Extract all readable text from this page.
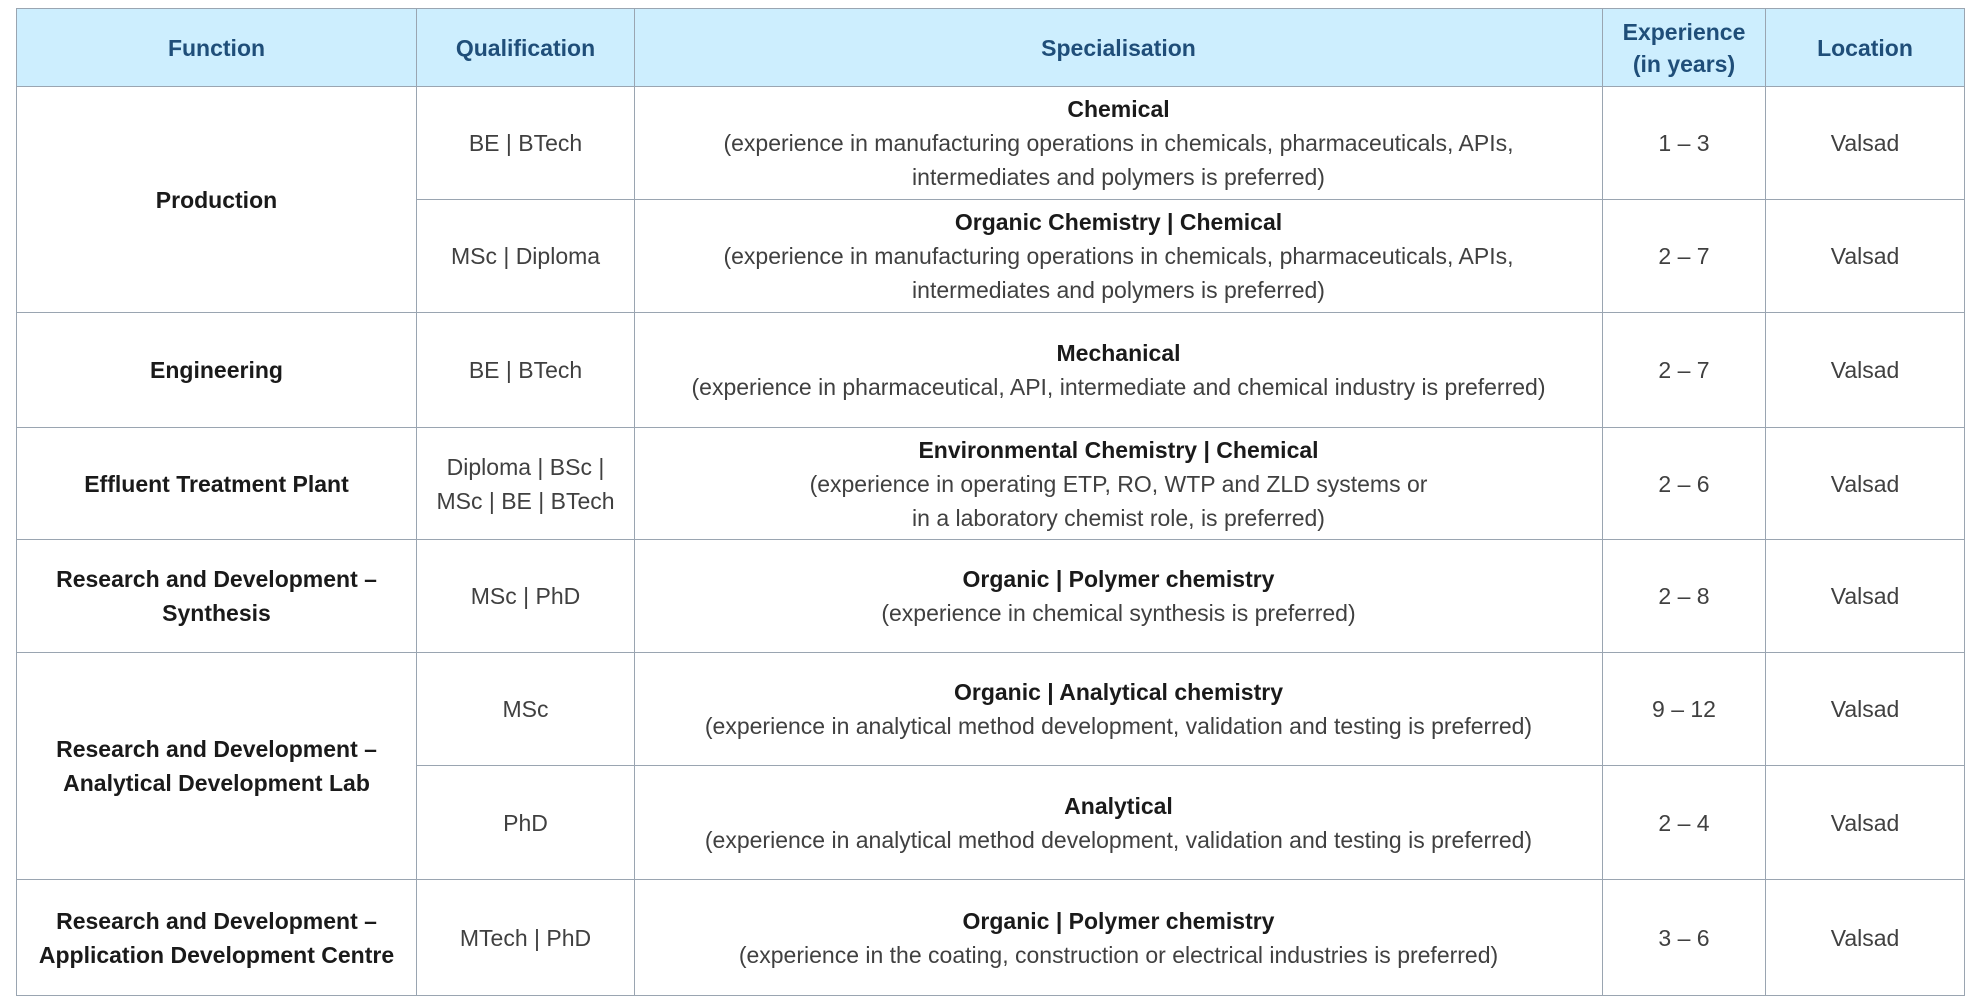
Function	Qualification	Specialisation	Experience
(in years)	Location
Production	BE | BTech	Chemical
(experience in manufacturing operations in chemicals, pharmaceuticals, APIs,
intermediates and polymers is preferred)	1 – 3	Valsad
	MSc | Diploma	Organic Chemistry | Chemical
(experience in manufacturing operations in chemicals, pharmaceuticals, APIs,
intermediates and polymers is preferred)	2 – 7	Valsad
Engineering	BE | BTech	Mechanical
(experience in pharmaceutical, API, intermediate and chemical industry is preferred)	2 – 7	Valsad
Effluent Treatment Plant	Diploma | BSc |
MSc | BE | BTech	Environmental Chemistry | Chemical
(experience in operating ETP, RO, WTP and ZLD systems or
in a laboratory chemist role, is preferred)	2 – 6	Valsad

Research and Development –
Synthesis	MSc | PhD	Organic | Polymer chemistry
(experience in chemical synthesis is preferred)	2 – 8	Valsad

Research and Development –
Analytical Development Lab	MSc	Organic | Analytical chemistry
(experience in analytical method development, validation and testing is preferred)	9 – 12	Valsad
	PhD	Analytical
(experience in analytical method development, validation and testing is preferred)	2 – 4	Valsad

Research and Development –
Application Development Centre	MTech | PhD	Organic | Polymer chemistry
(experience in the coating, construction or electrical industries is preferred)	3 – 6	Valsad
